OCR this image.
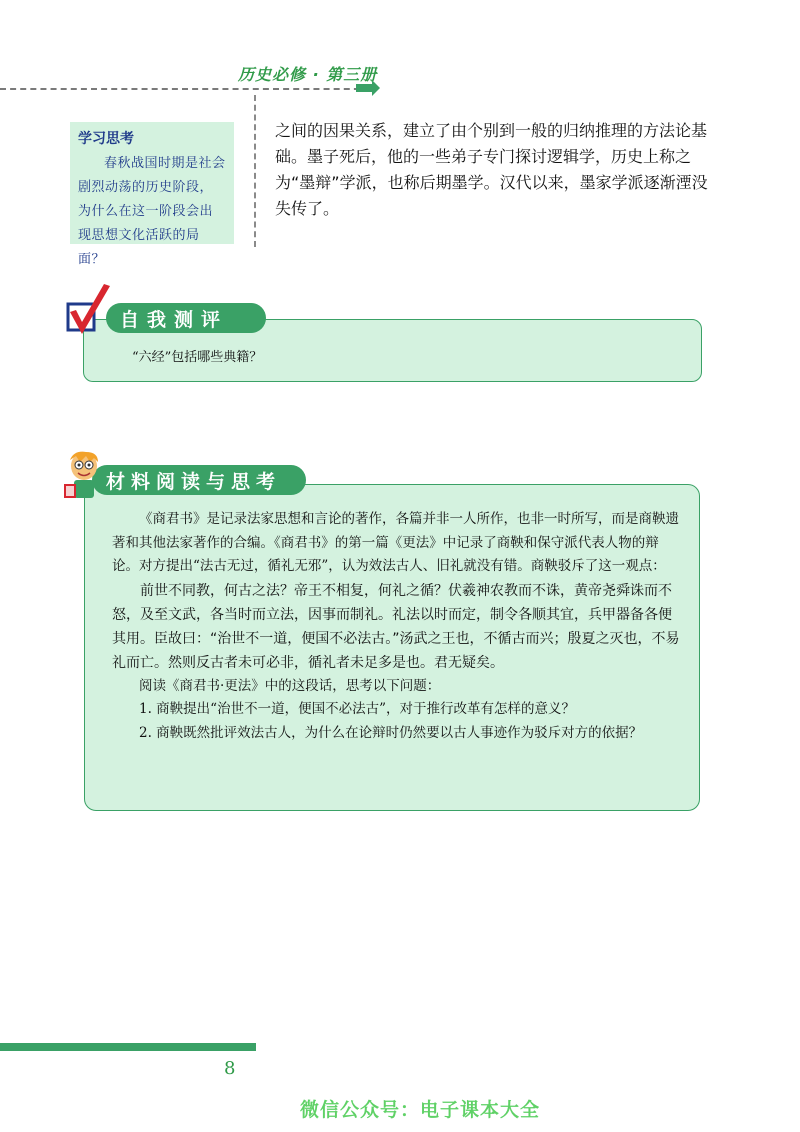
历史必修 · 第三册
学习思考
春秋战国时期是社会剧烈动荡的历史阶段，为什么在这一阶段会出现思想文化活跃的局面？
之间的因果关系，建立了由个别到一般的归纳推理的方法论基础。墨子死后，他的一些弟子专门探讨逻辑学，历史上称之为“墨辩”学派，也称后期墨学。汉代以来，墨家学派逐渐湮没失传了。
自我测评
“六经”包括哪些典籍？
材料阅读与思考

《商君书》是记录法家思想和言论的著作，各篇并非一人所作，也非一时所写，而是商鞅遗著和其他法家著作的合编。《商君书》的第一篇《更法》中记录了商鞅和保守派代表人物的辩论。对方提出“法古无过，循礼无邪”，认为效法古人、旧礼就没有错。商鞅驳斥了这一观点：

前世不同教，何古之法？帝王不相复，何礼之循？伏羲神农教而不诛，黄帝尧舜诛而不怒，及至文武，各当时而立法，因事而制礼。礼法以时而定，制令各顺其宜，兵甲器备各便其用。臣故曰：“治世不一道，便国不必法古。”汤武之王也，不循古而兴；殷夏之灭也，不易礼而亡。然则反古者未可必非，循礼者未足多是也。君无疑矣。

阅读《商君书·更法》中的这段话，思考以下问题：

1. 商鞅提出“治世不一道，便国不必法古”，对于推行改革有怎样的意义？

2. 商鞅既然批评效法古人，为什么在论辩时仍然要以古人事迹作为驳斥对方的依据？

8
微信公众号：电子课本大全
